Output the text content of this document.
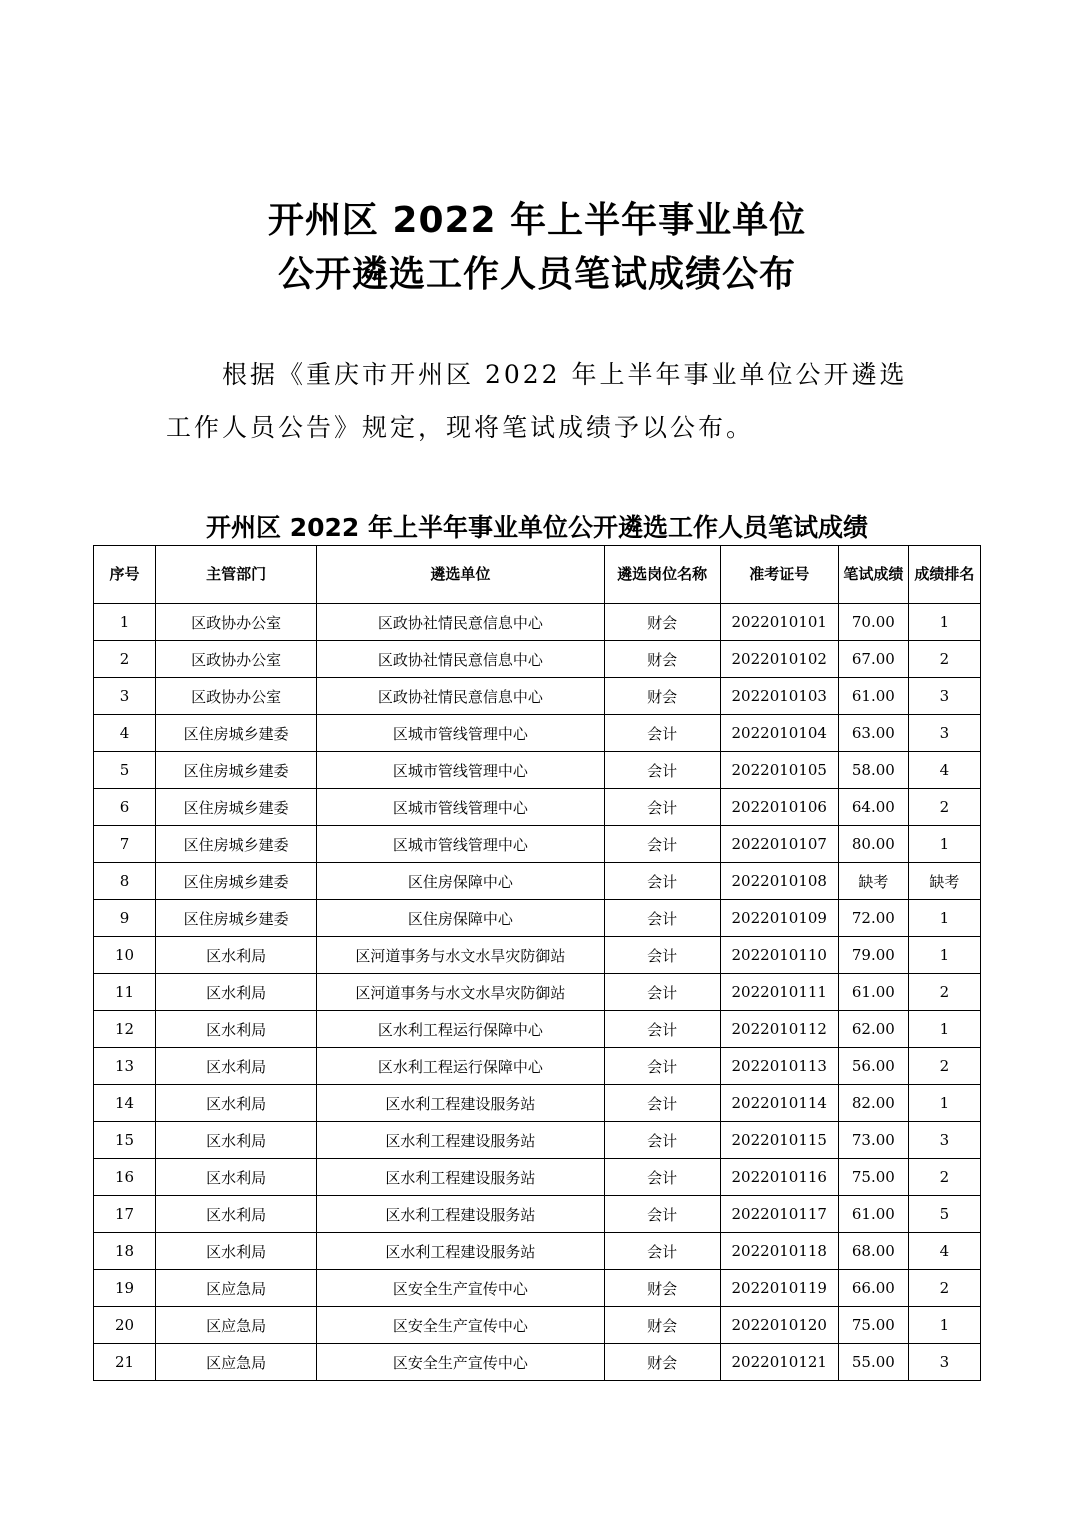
开州区 2022 年上半年事业单位
公开遴选工作人员笔试成绩公布
根据《重庆市开州区 2022 年上半年事业单位公开遴选
工作人员公告》规定，现将笔试成绩予以公布。
开州区 2022 年上半年事业单位公开遴选工作人员笔试成绩
序号	主管部门	遴选单位	遴选岗位名称	准考证号	笔试成绩	成绩排名
1	区政协办公室	区政协社情民意信息中心	财会	2022010101	70.00	1
2	区政协办公室	区政协社情民意信息中心	财会	2022010102	67.00	2
3	区政协办公室	区政协社情民意信息中心	财会	2022010103	61.00	3
4	区住房城乡建委	区城市管线管理中心	会计	2022010104	63.00	3
5	区住房城乡建委	区城市管线管理中心	会计	2022010105	58.00	4
6	区住房城乡建委	区城市管线管理中心	会计	2022010106	64.00	2
7	区住房城乡建委	区城市管线管理中心	会计	2022010107	80.00	1
8	区住房城乡建委	区住房保障中心	会计	2022010108	缺考	缺考
9	区住房城乡建委	区住房保障中心	会计	2022010109	72.00	1
10	区水利局	区河道事务与水文水旱灾防御站	会计	2022010110	79.00	1
11	区水利局	区河道事务与水文水旱灾防御站	会计	2022010111	61.00	2
12	区水利局	区水利工程运行保障中心	会计	2022010112	62.00	1
13	区水利局	区水利工程运行保障中心	会计	2022010113	56.00	2
14	区水利局	区水利工程建设服务站	会计	2022010114	82.00	1
15	区水利局	区水利工程建设服务站	会计	2022010115	73.00	3
16	区水利局	区水利工程建设服务站	会计	2022010116	75.00	2
17	区水利局	区水利工程建设服务站	会计	2022010117	61.00	5
18	区水利局	区水利工程建设服务站	会计	2022010118	68.00	4
19	区应急局	区安全生产宣传中心	财会	2022010119	66.00	2
20	区应急局	区安全生产宣传中心	财会	2022010120	75.00	1
21	区应急局	区安全生产宣传中心	财会	2022010121	55.00	3
